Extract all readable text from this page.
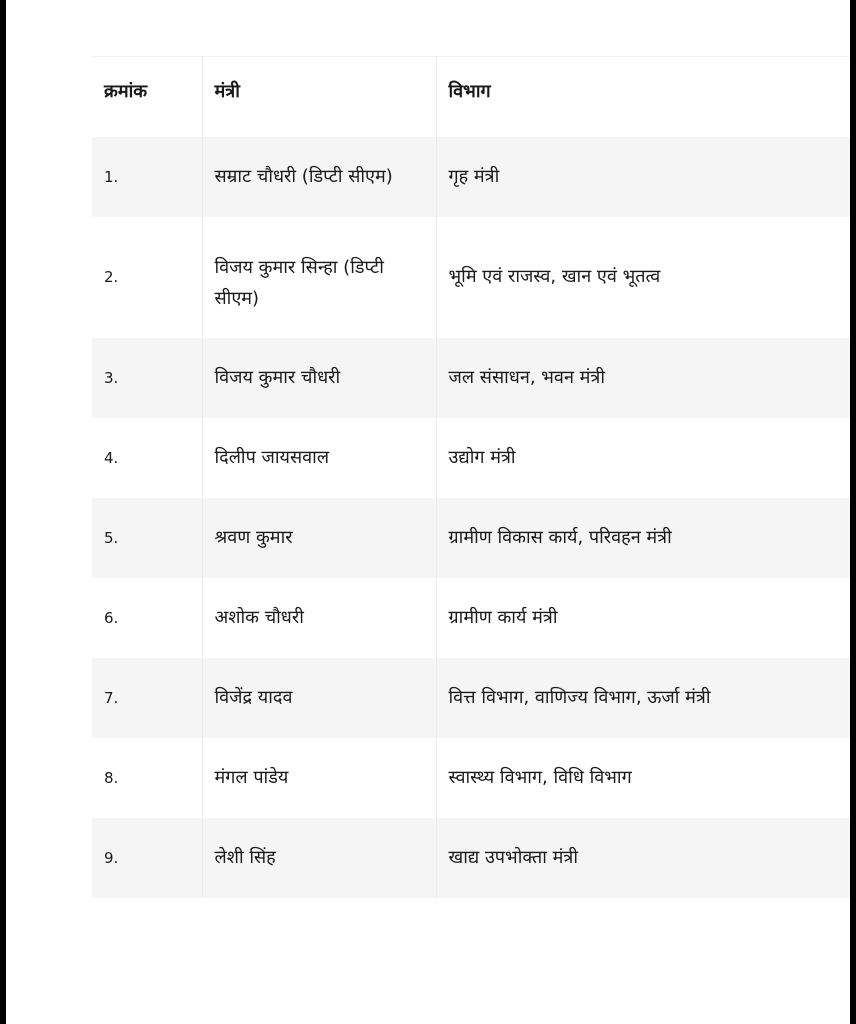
क्रमांक	मंत्री	विभाग
1.	सम्राट चौधरी (डिप्टी सीएम)	गृह मंत्री
2.	विजय कुमार सिन्हा (डिप्टी सीएम)	भूमि एवं राजस्व, खान एवं भूतत्व
3.	विजय कुमार चौधरी	जल संसाधन, भवन मंत्री
4.	दिलीप जायसवाल	उद्योग मंत्री
5.	श्रवण कुमार	ग्रामीण विकास कार्य, परिवहन मंत्री
6.	अशोक चौधरी	ग्रामीण कार्य मंत्री
7.	विजेंद्र यादव	वित्त विभाग, वाणिज्य विभाग, ऊर्जा मंत्री
8.	मंगल पांडेय	स्वास्थ्य विभाग, विधि विभाग
9.	लेशी सिंह	खाद्य उपभोक्ता मंत्री
